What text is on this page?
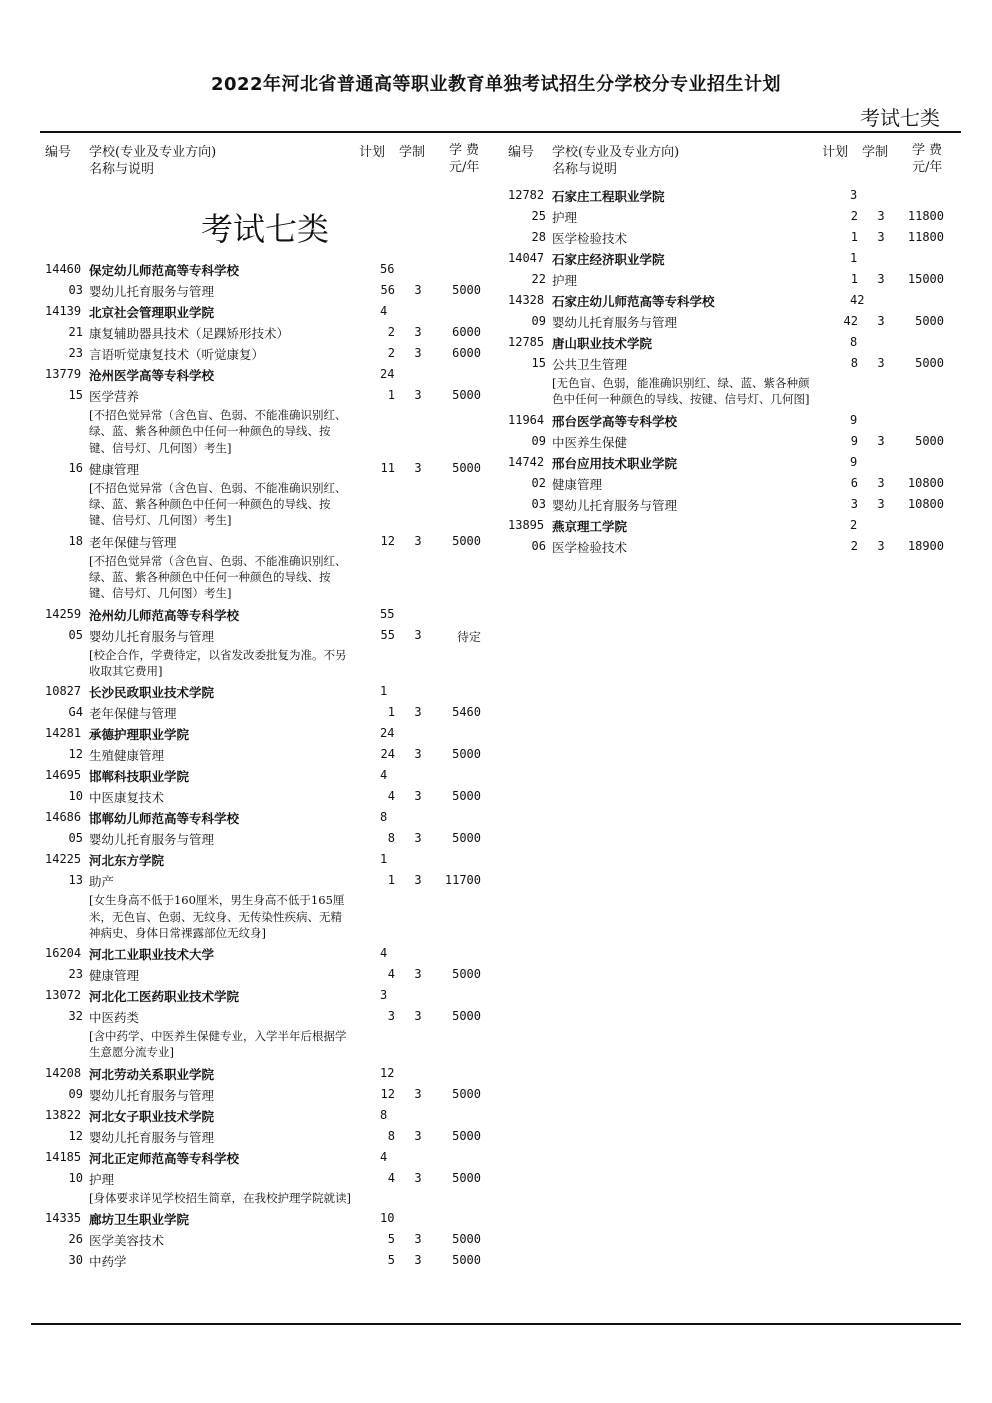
2022年河北省普通高等职业教育单独考试招生分学校分专业招生计划
考试七类
编号 学校(专业及专业方向)
名称与说明
计划 学制 学费
元/年
考试七类
14460 保定幼儿师范高等专科学校	56
03 婴幼儿托育服务与管理	56 3	5000
14139 北京社会管理职业学院	4
21 康复辅助器具技术（足踝矫形技术）	2 3	6000
23 言语听觉康复技术（听觉康复）	2 3	6000
13779 沧州医学高等专科学校	24
15 医学营养	1 3	5000
[不招色觉异常（含色盲、色弱、不能准确识别红、绿、蓝、紫各种颜色中任何一种颜色的导线、按键、信号灯、几何图）考生]
16 健康管理	11 3	5000
[不招色觉异常（含色盲、色弱、不能准确识别红、绿、蓝、紫各种颜色中任何一种颜色的导线、按键、信号灯、几何图）考生]
18 老年保健与管理	12 3	5000
[不招色觉异常（含色盲、色弱、不能准确识别红、绿、蓝、紫各种颜色中任何一种颜色的导线、按键、信号灯、几何图）考生]
14259 沧州幼儿师范高等专科学校	55
05 婴幼儿托育服务与管理	55 3	待定
[校企合作，学费待定，以省发改委批复为准。不另收取其它费用]
10827 长沙民政职业技术学院	1
G4 老年保健与管理	1 3	5460
14281 承德护理职业学院	24
12 生殖健康管理	24 3	5000
14695 邯郸科技职业学院	4
10 中医康复技术	4 3	5000
14686 邯郸幼儿师范高等专科学校	8
05 婴幼儿托育服务与管理	8 3	5000
14225 河北东方学院	1
13 助产	1 3	11700
[女生身高不低于160厘米，男生身高不低于165厘米，无色盲、色弱、无纹身、无传染性疾病、无精神病史、身体日常裸露部位无纹身]
16204 河北工业职业技术大学	4
23 健康管理	4 3	5000
13072 河北化工医药职业技术学院	3
32 中医药类	3 3	5000
[含中药学、中医养生保健专业，入学半年后根据学生意愿分流专业]
14208 河北劳动关系职业学院	12
09 婴幼儿托育服务与管理	12 3	5000
13822 河北女子职业技术学院	8
12 婴幼儿托育服务与管理	8 3	5000
14185 河北正定师范高等专科学校	4
10 护理	4 3	5000
[身体要求详见学校招生简章，在我校护理学院就读]
14335 廊坊卫生职业学院	10
26 医学美容技术	5 3	5000
30 中药学	5 3	5000
编号 学校(专业及专业方向)
名称与说明
计划 学制 学费
元/年
12782 石家庄工程职业学院	3
25 护理	2 3	11800
28 医学检验技术	1 3	11800
14047 石家庄经济职业学院	1
22 护理	1 3	15000
14328 石家庄幼儿师范高等专科学校	42
09 婴幼儿托育服务与管理	42 3	5000
12785 唐山职业技术学院	8
15 公共卫生管理	8 3	5000
[无色盲、色弱，能准确识别红、绿、蓝、紫各种颜色中任何一种颜色的导线、按键、信号灯、几何图]
11964 邢台医学高等专科学校	9
09 中医养生保健	9 3	5000
14742 邢台应用技术职业学院	9
02 健康管理	6 3	10800
03 婴幼儿托育服务与管理	3 3	10800
13895 燕京理工学院	2
06 医学检验技术	2 3	18900
